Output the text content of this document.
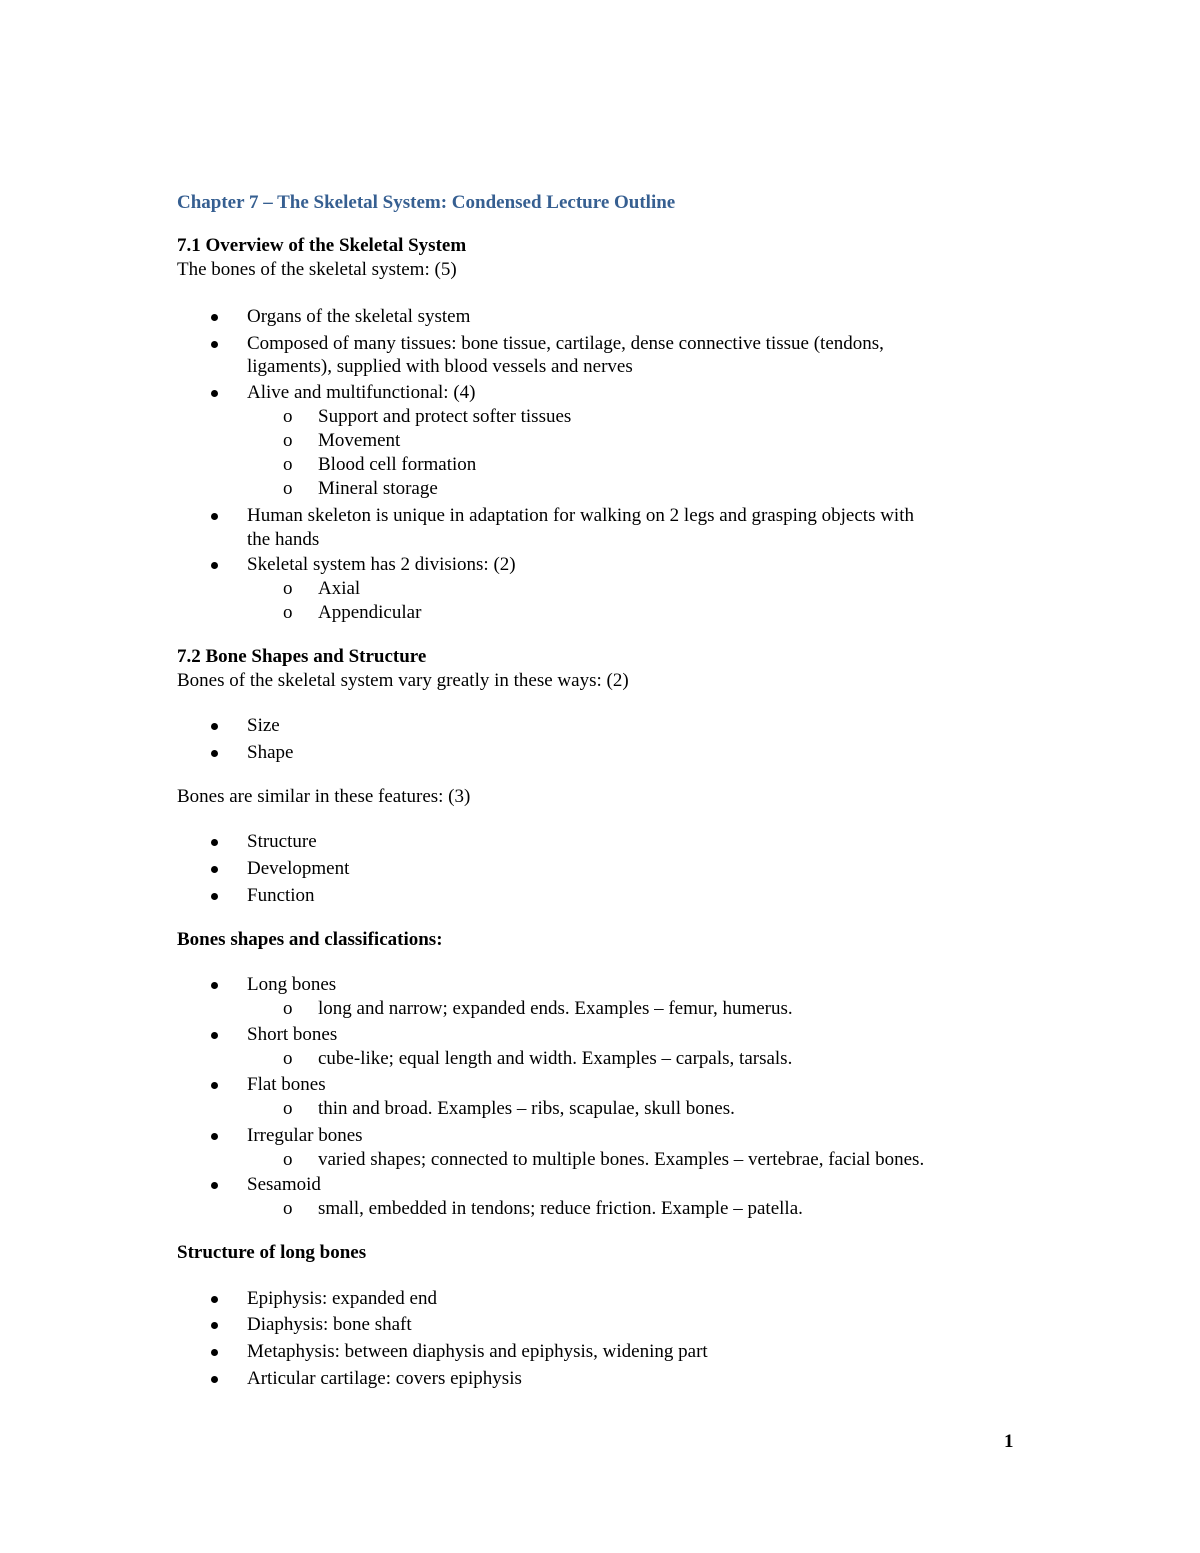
Chapter 7 – The Skeletal System: Condensed Lecture Outline
7.1 Overview of the Skeletal System
The bones of the skeletal system: (5)
Organs of the skeletal system
Composed of many tissues: bone tissue, cartilage, dense connective tissue (tendons,
ligaments), supplied with blood vessels and nerves
Alive and multifunctional: (4)
o Support and protect softer tissues
o Movement
o Blood cell formation
o Mineral storage
Human skeleton is unique in adaptation for walking on 2 legs and grasping objects with
the hands
Skeletal system has 2 divisions: (2)
o Axial
o Appendicular
7.2 Bone Shapes and Structure
Bones of the skeletal system vary greatly in these ways: (2)
Size
Shape
Bones are similar in these features: (3)
Structure
Development
Function
Bones shapes and classifications:
Long bones
o long and narrow; expanded ends. Examples – femur, humerus.
Short bones
o cube-like; equal length and width. Examples – carpals, tarsals.
Flat bones
o thin and broad. Examples – ribs, scapulae, skull bones.
Irregular bones
o varied shapes; connected to multiple bones. Examples – vertebrae, facial bones.
Sesamoid
o small, embedded in tendons; reduce friction. Example – patella.
Structure of long bones
Epiphysis: expanded end
Diaphysis: bone shaft
Metaphysis: between diaphysis and epiphysis, widening part
Articular cartilage: covers epiphysis
1
